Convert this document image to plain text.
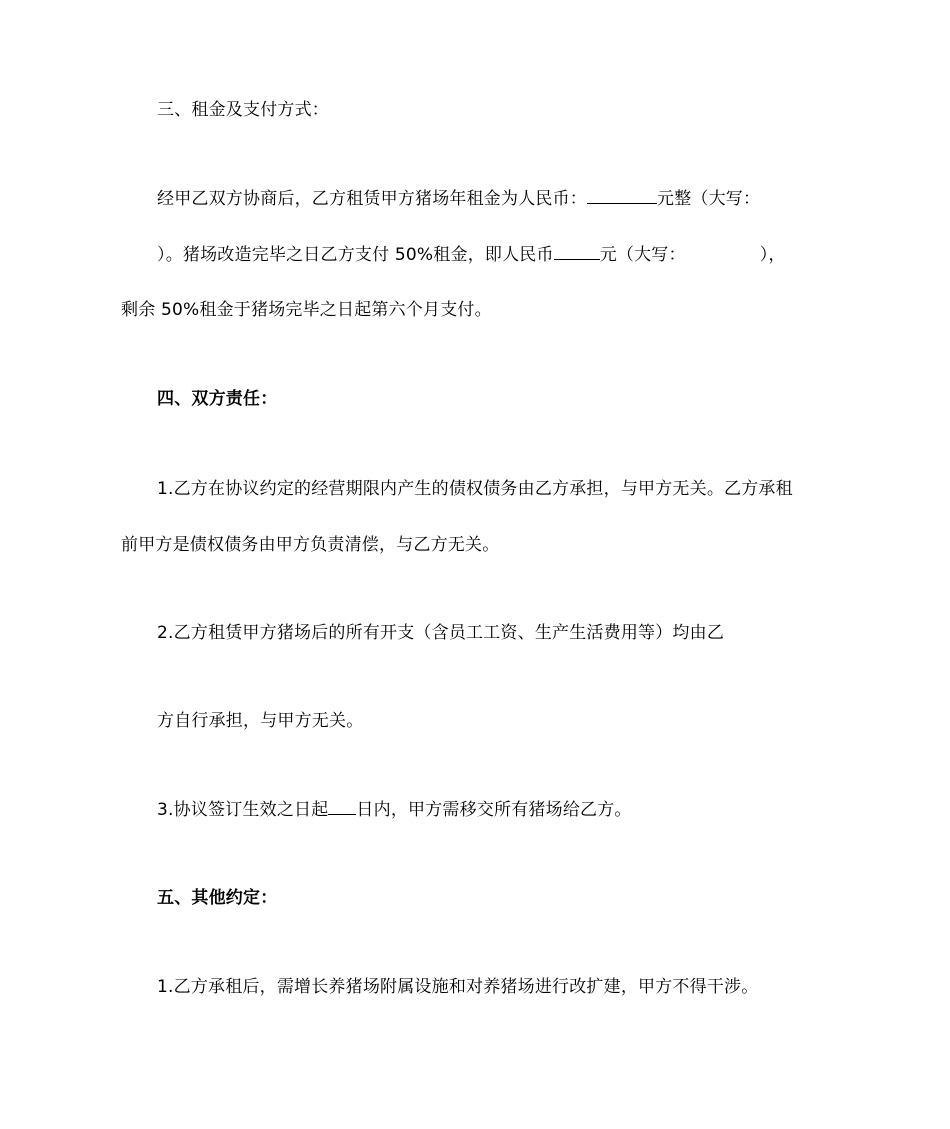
三、租金及支付方式：
经甲乙双方协商后，乙方租赁甲方猪场年租金为人民币：	元整（大写：
）。猪场改造完毕之日乙方支付 50%租金，即人民币	元（大写：	），
剩余 50%租金于猪场完毕之日起第六个月支付。
四、双方责任：
1.乙方在协议约定的经营期限内产生的债权债务由乙方承担，与甲方无关。乙方承租
前甲方是债权债务由甲方负责清偿，与乙方无关。
2.乙方租赁甲方猪场后的所有开支（含员工工资、生产生活费用等）均由乙
方自行承担，与甲方无关。
3.协议签订生效之日起 日内，甲方需移交所有猪场给乙方。
五、其他约定：
1.乙方承租后，需增长养猪场附属设施和对养猪场进行改扩建，甲方不得干涉。
